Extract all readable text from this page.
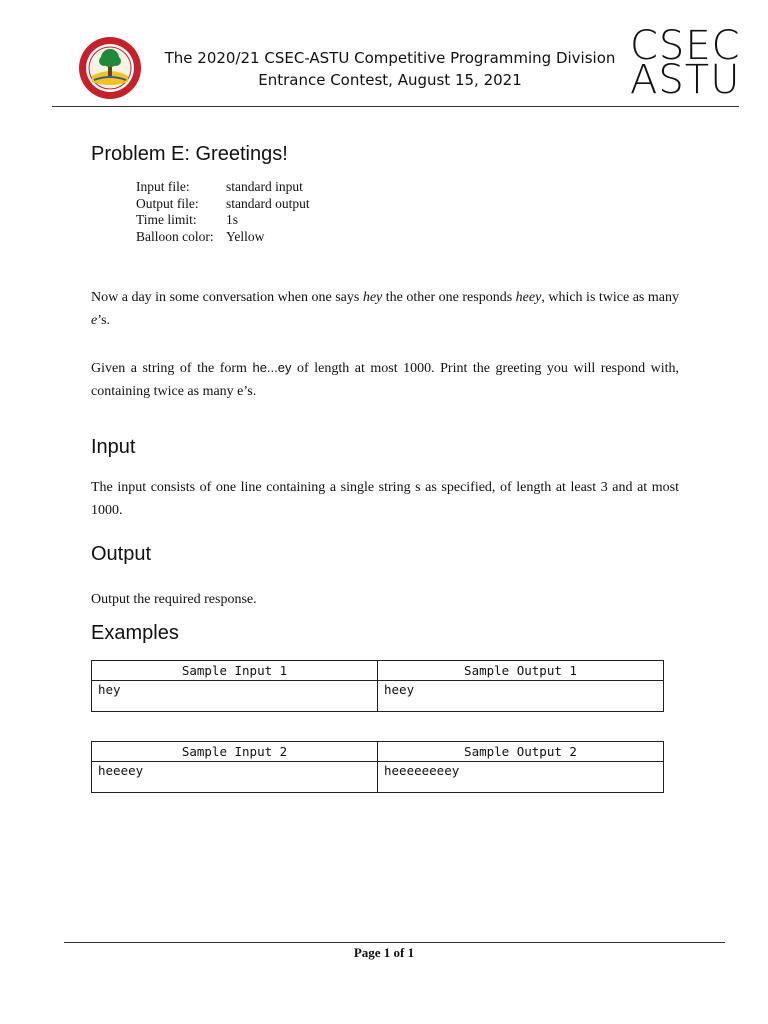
The 2020/21 CSEC-ASTU Competitive Programming Division
Entrance Contest, August 15, 2021
CSEC
ASTU
Problem E: Greetings!
Input file:	standard input
Output file: standard output
Time limit: 1s
Balloon color: Yellow
Now a day in some conversation when one says hey the other one responds heey, which is twice as many e’s.
Given a string of the form he...ey of length at most 1000. Print the greeting you will respond with, containing twice as many e’s.
Input
The input consists of one line containing a single string s as specified, of length at least 3 and at most 1000.
Output
Output the required response.
Examples
Sample Input 1	Sample Output 1
hey	heey
Sample Input 2	Sample Output 2
heeeey	heeeeeeeey
Page 1 of 1
